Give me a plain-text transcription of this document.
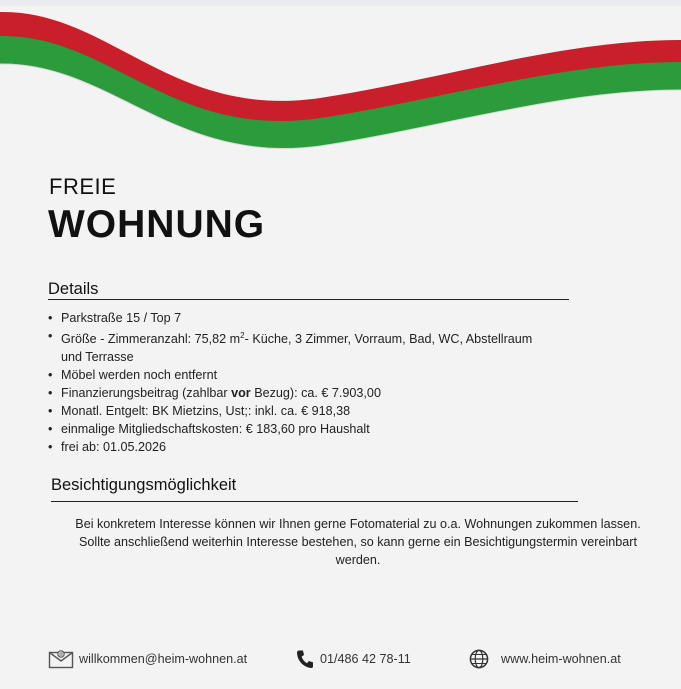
FREIE
WOHNUNG
Details
• Parkstraße 15 / Top 7
• Größe - Zimmeranzahl: 75,82 $m^2-$ Küche, 3 Zimmer, Vorraum, Bad, WC, Abstellraum
und Terrasse
• Möbel werden noch entfernt
• Finanzierungsbeitrag (zahlbar vor Bezug): ca. € 7.903,00
• Monatl. Entgelt: BK Mietzins, Ust;: inkl. ca. € 918,38
• einmalige Mitgliedschaftskosten: € 183,60 pro Haushalt
• frei ab: 01.05.2026
Besichtigungsmöglichkeit

Bei konkretem Interesse können wir Ihnen gerne Fotomaterial zu o.a. Wohnungen zukommen lassen.

Sollte anschließend weiterhin Interesse bestehen, so kann gerne ein Besichtigungstermin vereinbart werden.

@ willkommen@heim-wohnen.at	01/486 42 78-11	www.heim-wohnen.at
